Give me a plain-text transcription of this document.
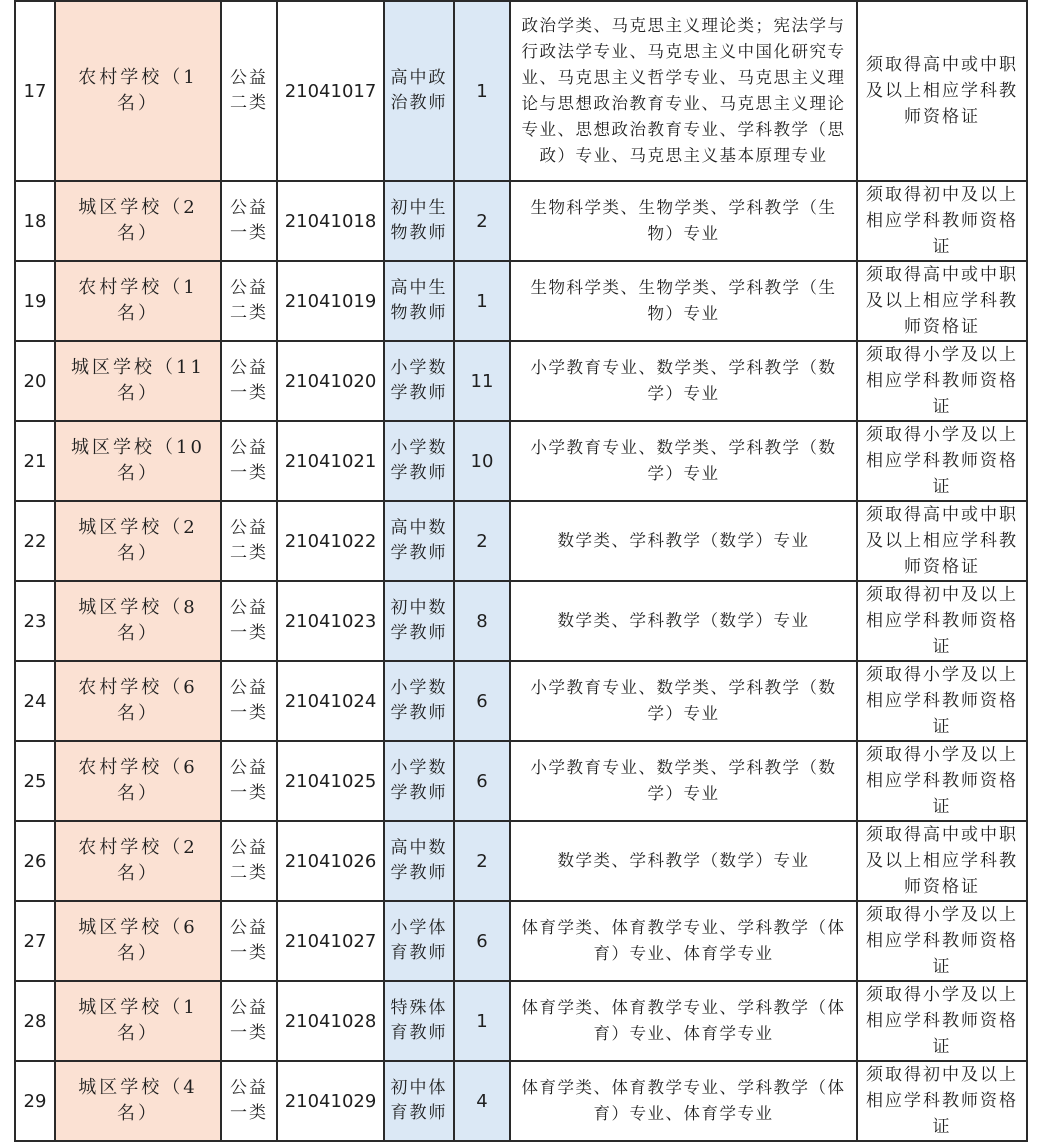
17	农村学校（1名）	公益二类	21041017	高中政治教师	1	政治学类、马克思主义理论类；宪法学与行政法学专业、马克思主义中国化研究专业、马克思主义哲学专业、马克思主义理论与思想政治教育专业、马克思主义理论专业、思想政治教育专业、学科教学（思政）专业、马克思主义基本原理专业	须取得高中或中职及以上相应学科教师资格证
18	城区学校（2名）	公益一类	21041018	初中生物教师	2	生物科学类、生物学类、学科教学（生物）专业	须取得初中及以上相应学科教师资格证
19	农村学校（1名）	公益二类	21041019	高中生物教师	1	生物科学类、生物学类、学科教学（生物）专业	须取得高中或中职及以上相应学科教师资格证
20	城区学校（11名）	公益一类	21041020	小学数学教师	11	小学教育专业、数学类、学科教学（数学）专业	须取得小学及以上相应学科教师资格证
21	城区学校（10名）	公益一类	21041021	小学数学教师	10	小学教育专业、数学类、学科教学（数学）专业	须取得小学及以上相应学科教师资格证
22	城区学校（2名）	公益二类	21041022	高中数学教师	2	数学类、学科教学（数学）专业	须取得高中或中职及以上相应学科教师资格证
23	城区学校（8名）	公益一类	21041023	初中数学教师	8	数学类、学科教学（数学）专业	须取得初中及以上相应学科教师资格证
24	农村学校（6名）	公益一类	21041024	小学数学教师	6	小学教育专业、数学类、学科教学（数学）专业	须取得小学及以上相应学科教师资格证
25	农村学校（6名）	公益一类	21041025	小学数学教师	6	小学教育专业、数学类、学科教学（数学）专业	须取得小学及以上相应学科教师资格证
26	农村学校（2名）	公益二类	21041026	高中数学教师	2	数学类、学科教学（数学）专业	须取得高中或中职及以上相应学科教师资格证
27	城区学校（6名）	公益一类	21041027	小学体育教师	6	体育学类、体育教学专业、学科教学（体育）专业、体育学专业	须取得小学及以上相应学科教师资格证
28	城区学校（1名）	公益一类	21041028	特殊体育教师	1	体育学类、体育教学专业、学科教学（体育）专业、体育学专业	须取得小学及以上相应学科教师资格证
29	城区学校（4名）	公益一类	21041029	初中体育教师	4	体育学类、体育教学专业、学科教学（体育）专业、体育学专业	须取得初中及以上相应学科教师资格证
